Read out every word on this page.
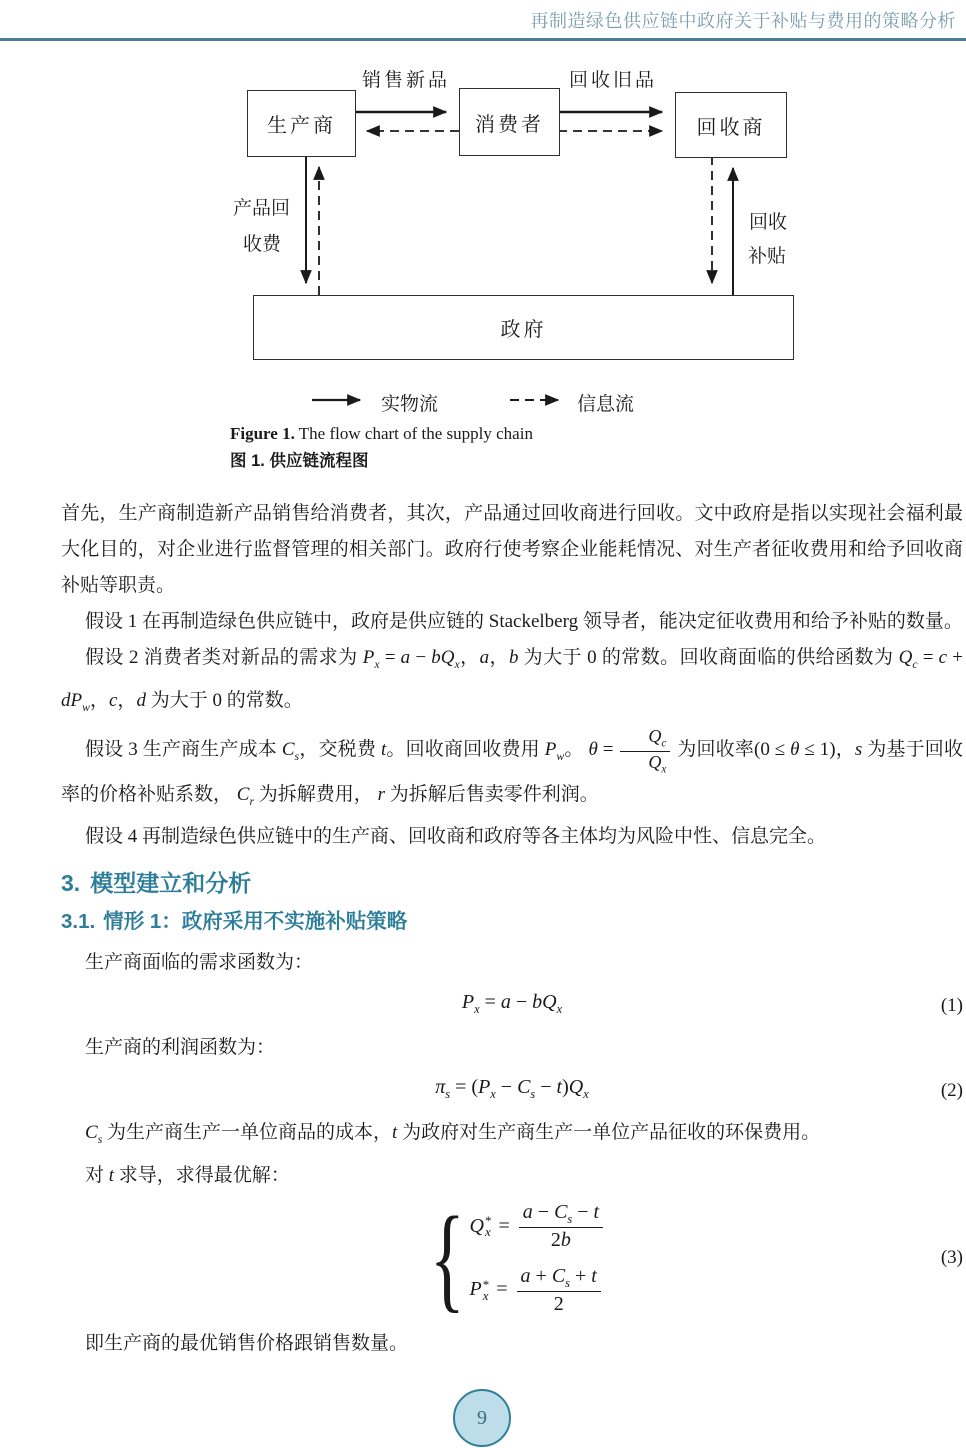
再制造绿色供应链中政府关于补贴与费用的策略分析
生产商	消费者	回收商
政府
销售新品	回收旧品
产品回
收费
回收
补贴
实物流	信息流
Figure 1. The flow chart of the supply chain
图 1. 供应链流程图

首先，生产商制造新产品销售给消费者，其次，产品通过回收商进行回收。文中政府是指以实现社会福利最大化目的，对企业进行监督管理的相关部门。政府行使考察企业能耗情况、对生产者征收费用和给予回收商补贴等职责。

假设 1 在再制造绿色供应链中，政府是供应链的 Stackelberg 领导者，能决定征收费用和给予补贴的数量。

假设 2 消费者类对新品的需求为 $P_x = a - bQ_x$，a，b 为大于 0 的常数。回收商面临的供给函数为 $Q_c = c + dP_w$，c，d 为大于 0 的常数。

假设 3 生产商生产成本 $C_s$，交税费 t。回收商回收费用 $P_w$。 $\theta = \frac{Q_c}{Q_x}$ 为回收率(0 ≤ θ ≤ 1)，s 为基于回收率的价格补贴系数， $C_r$ 为拆解费用， r 为拆解后售卖零件利润。

假设 4 再制造绿色供应链中的生产商、回收商和政府等各主体均为风险中性、信息完全。

3. 模型建立和分析
3.1. 情形 1：政府采用不实施补贴策略

生产商面临的需求函数为：

$P_x = a - bQ_x$	(1)

生产商的利润函数为：

$\pi_s = (P_x - C_s - t)Q_x$	(2)

$C_s$ 为生产商生产一单位商品的成本，t 为政府对生产商生产一单位产品征收的环保费用。

对 t 求导，求得最优解：

{ Q *
$x = \frac{a - C_s - t}{2b}$
P *
$x = \frac{a + C_s + t}{2}$
(3)

即生产商的最优销售价格跟销售数量。

9
